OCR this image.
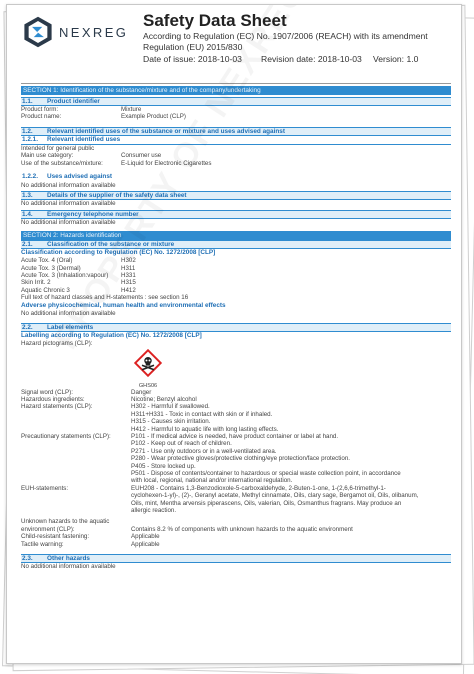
NEXREG
Safety Data Sheet
According to Regulation (EC) No. 1907/2006 (REACH) with its amendment Regulation (EU) 2015/830
Date of issue: 2018-10-03	Revision date: 2018-10-03	Version: 1.0
SECTION 1: Identification of the substance/mixture and of the company/undertaking
1.1.	Product identifier
Product form:	Mixture
Product name:	Example Product (CLP)
1.2.	Relevant identified uses of the substance or mixture and uses advised against
1.2.1.	Relevant identified uses
Intended for general public
Main use category:	Consumer use
Use of the substance/mixture:	E-Liquid for Electronic Cigarettes
1.2.2.	Uses advised against
No additional information available
1.3.	Details of the supplier of the safety data sheet
No additional information available
1.4.	Emergency telephone number
No additional information available
SECTION 2: Hazards identification
2.1.	Classification of the substance or mixture
Classification according to Regulation (EC) No. 1272/2008 [CLP]
Acute Tox. 4 (Oral)	H302
Acute Tox. 3 (Dermal)	H311
Acute Tox. 3 (Inhalation:vapour)	H331
Skin Irrit. 2	H315
Aquatic Chronic 3	H412
Full text of hazard classes and H-statements : see section 16
Adverse physicochemical, human health and environmental effects
No additional information available
2.2.	Label elements
Labelling according to Regulation (EC) No. 1272/2008 [CLP]
Hazard pictograms (CLP):
GHS06
Signal word (CLP):	Danger
Hazardous ingredients:	Nicotine; Benzyl alcohol
Hazard statements (CLP):	H302 - Harmful if swallowed.
H311+H331 - Toxic in contact with skin or if inhaled.
H315 - Causes skin irritation.
H412 - Harmful to aquatic life with long lasting effects.
Precautionary statements (CLP):	P101 - If medical advice is needed, have product container or label at hand.
P102 - Keep out of reach of children.
P271 - Use only outdoors or in a well-ventilated area.
P280 - Wear protective gloves/protective clothing/eye protection/face protection.
P405 - Store locked up.
P501 - Dispose of contents/container to hazardous or special waste collection point, in accordance
with local, regional, national and/or international regulation.
EUH-statements:	EUH208 - Contains 1,3-Benzodioxole-5-carboxaldehyde, 2-Buten-1-one, 1-(2,6,6-trimethyl-1-
cyclohexen-1-yl)-, (2)-, Geranyl acetate, Methyl cinnamate, Oils, clary sage, Bergamot oil, Oils, olibanum,
Oils, mint, Mentha arvensis piperascens, Oils, valerian, Oils, Osmanthus fragrans. May produce an
allergic reaction.
Unknown hazards to the aquatic
environment (CLP):
	Contains 8.2 % of components with unknown hazards to the aquatic environment
Child-resistant fastening:	Applicable
Tactile warning:	Applicable
2.3.	Other hazards
No additional information available
